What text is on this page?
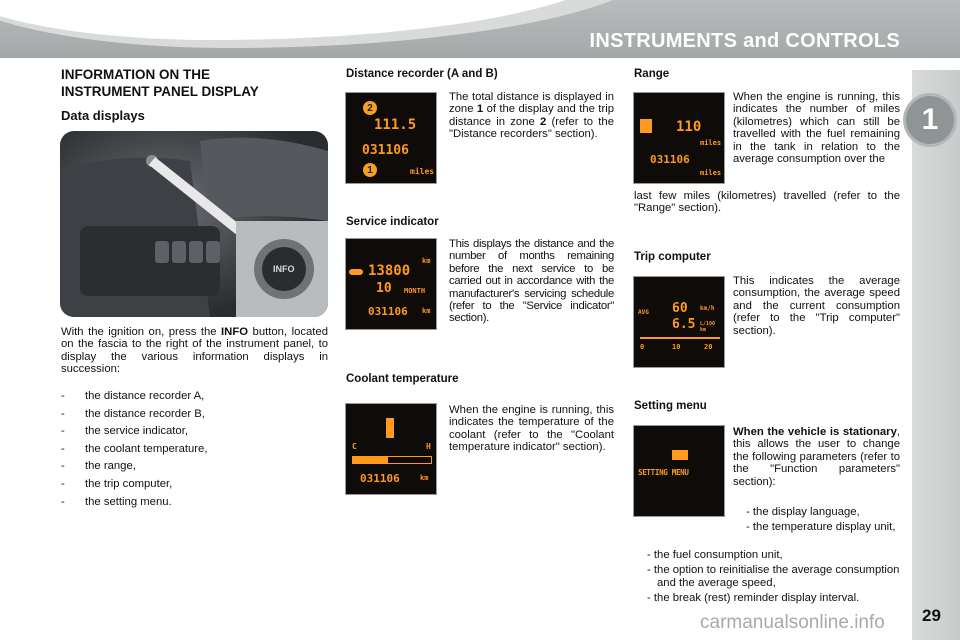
INSTRUMENTS and CONTROLS
1
INFORMATION ON THE
INSTRUMENT PANEL DISPLAY
Data displays
INFO
With the ignition on, press the INFO button, located on the fascia to the right of the instrument panel, to display the various information displays in succession:
- the distance recorder A,
- the distance recorder B,
- the service indicator,
- the coolant temperature,
- the range,
- the trip computer,
- the setting menu.
Distance recorder (A and B)
2
111.5
031106
1	miles
The total distance is displayed in zone 1 of the display and the trip distance in zone 2 (refer to the "Distance recorders" section).
Service indicator
13800
km
10 MONTH
031106 km
This displays the distance and the number of months remaining before the next service to be carried out in accordance with the manufacturer's servicing schedule (refer to the "Service indicator" section).
Coolant temperature
C	H
031106	km
When the engine is running, this indicates the temperature of the coolant (refer to the "Coolant temperature indicator" section).
Range
110
miles
031106
miles
When the engine is running, this indicates the number of miles (kilometres) which can still be travelled with the fuel remaining in the tank in relation to the average consumption over the
last few miles (kilometres) travelled (refer to the "Range" section).
Trip computer
AVG 60 km/h
6.5 L/100 km
0	10	20
This indicates the average consumption, the average speed and the current consumption (refer to the "Trip computer" section).
Setting menu
SETTING MENU
When the vehicle is stationary, this allows the user to change the following parameters (refer to the "Function parameters" section):
- the display language,
- the temperature display unit,
- the fuel consumption unit,
- the option to reinitialise the average consumption and the average speed,
- the break (rest) reminder display interval.
carmanualsonline.info 29
